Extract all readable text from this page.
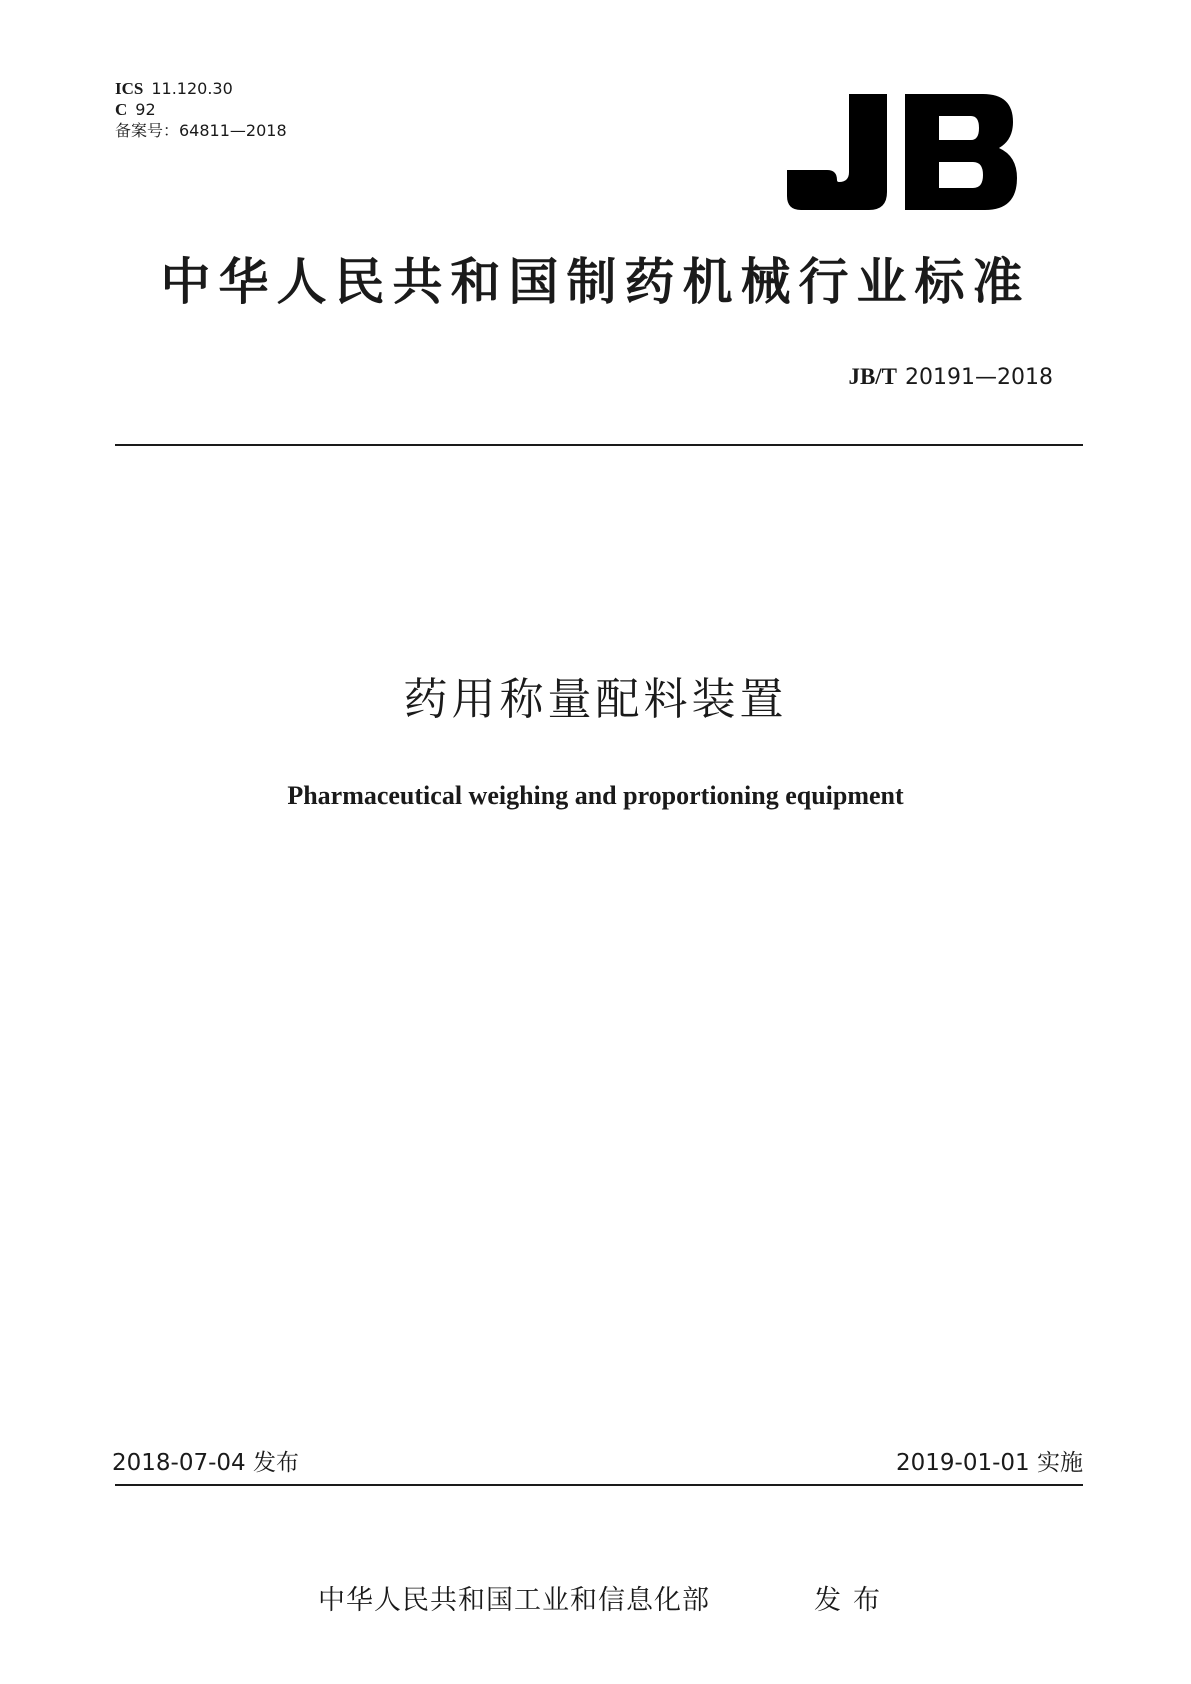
ICS 11.120.30
C 92
备案号：64811—2018
中华人民共和国制药机械行业标准
JB/T 20191—2018
药用称量配料装置
Pharmaceutical weighing and proportioning equipment
2018-07-04 发布	2019-01-01 实施
中华人民共和国工业和信息化部	发布
